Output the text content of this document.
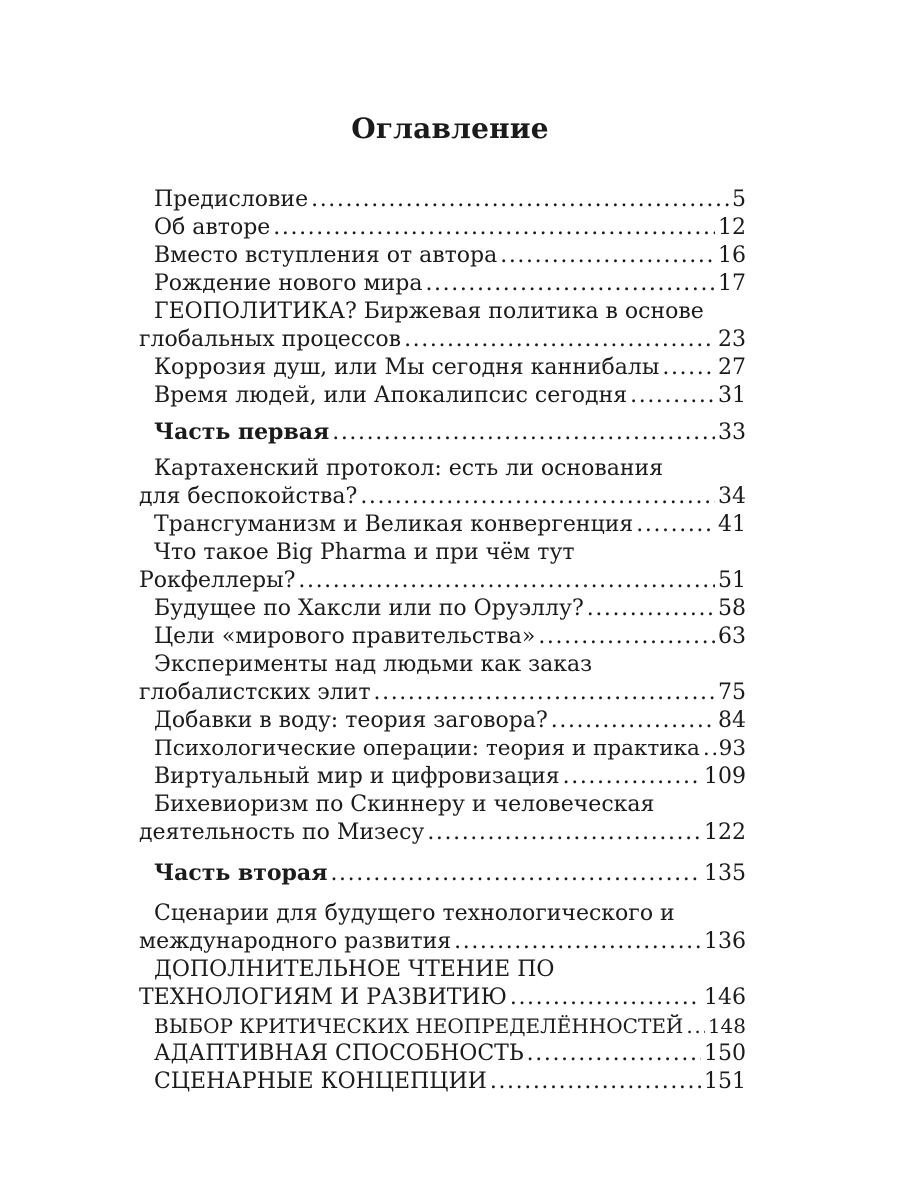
Оглавление
Предисловие .....	5
Об авторе .....	12
Вместо вступления от автора .....	16
Рождение нового мира .....	17
ГЕОПОЛИТИКА? Биржевая политика в основе
глобальных процессов .....	23
Коррозия душ, или Мы сегодня каннибалы .....	27
Время людей, или Апокалипсис сегодня .....	31
Часть первая .....	33
Картахенский протокол: есть ли основания
для беспокойства? .....	34
Трансгуманизм и Великая конвергенция .....	41
Что такое Big Pharma и при чём тут
Рокфеллеры? .....	51
Будущее по Хаксли или по Оруэллу? .....	58
Цели «мирового правительства» .....	63
Эксперименты над людьми как заказ
глобалистских элит .....	75
Добавки в воду: теория заговора? .....	84
Психологические операции: теория и практика ..... 93
Виртуальный мир и цифровизация .....	109
Бихевиоризм по Скиннеру и человеческая
деятельность по Мизесу .....	122
Часть вторая .....	135
Сценарии для будущего технологического и
международного развития .....	136
ДОПОЛНИТЕЛЬНОЕ ЧТЕНИЕ ПО
ТЕХНОЛОГИЯМ И РАЗВИТИЮ .....	146
ВЫБОР КРИТИЧЕСКИХ НЕОПРЕДЕЛЁННОСТЕЙ ..... 148
АДАПТИВНАЯ СПОСОБНОСТЬ .....	150
СЦЕНАРНЫЕ КОНЦЕПЦИИ .....	151
